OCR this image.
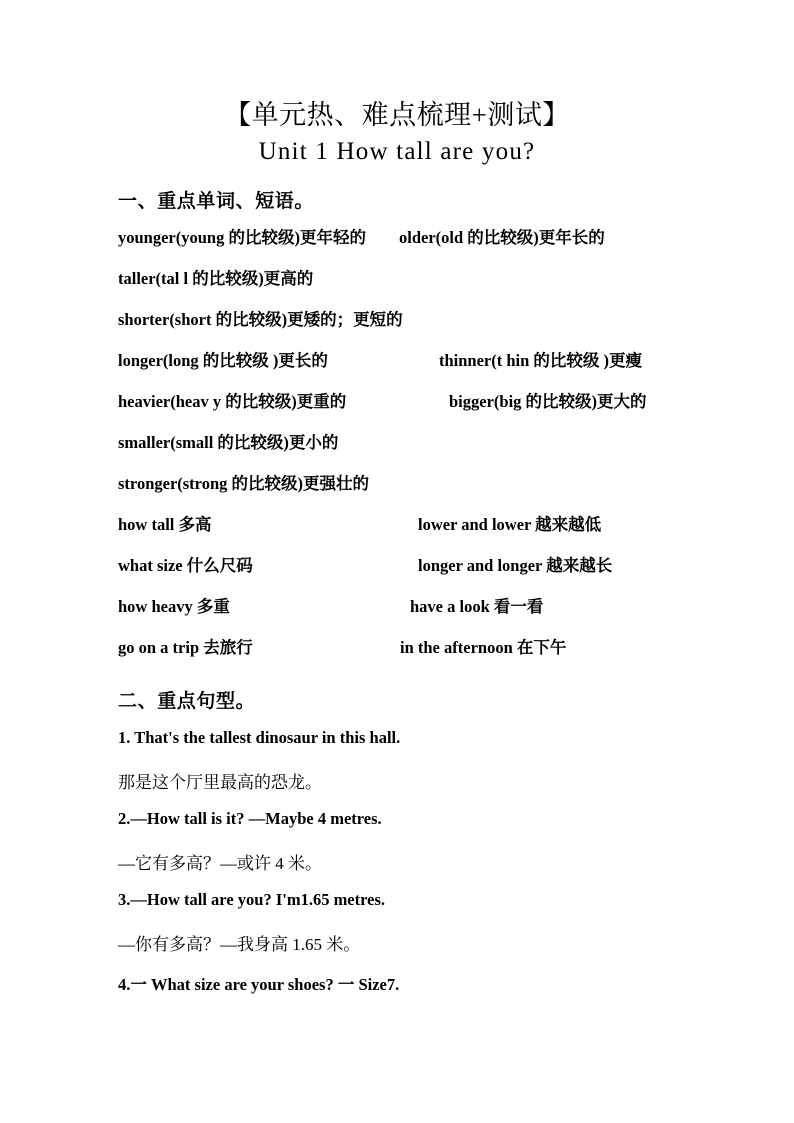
【单元热、难点梳理+测试】
Unit 1 How tall are you?
一、重点单词、短语。
younger(young 的比较级)更年轻的 older(old 的比较级)更年长的
taller(tal l 的比较级)更高的
shorter(short 的比较级)更矮的；更短的
longer(long 的比较级 )更长的	thinner(t hin 的比较级 )更瘦
heavier(heav y 的比较级)更重的	bigger(big 的比较级)更大的
smaller(small 的比较级)更小的
stronger(strong 的比较级)更强壮的
how tall 多高	lower and lower 越来越低
what size 什么尺码	longer and longer 越来越长
how heavy 多重	have a look 看一看
go on a trip 去旅行	in the afternoon 在下午
二、重点句型。
1. That's the tallest dinosaur in this hall.
那是这个厅里最高的恐龙。
2.—How tall is it? —Maybe 4 metres.
—它有多高？—或许 4 米。
3.—How tall are you? I'm1.65 metres.
—你有多高？—我身高 1.65 米。
4.一 What size are your shoes? 一 Size7.
